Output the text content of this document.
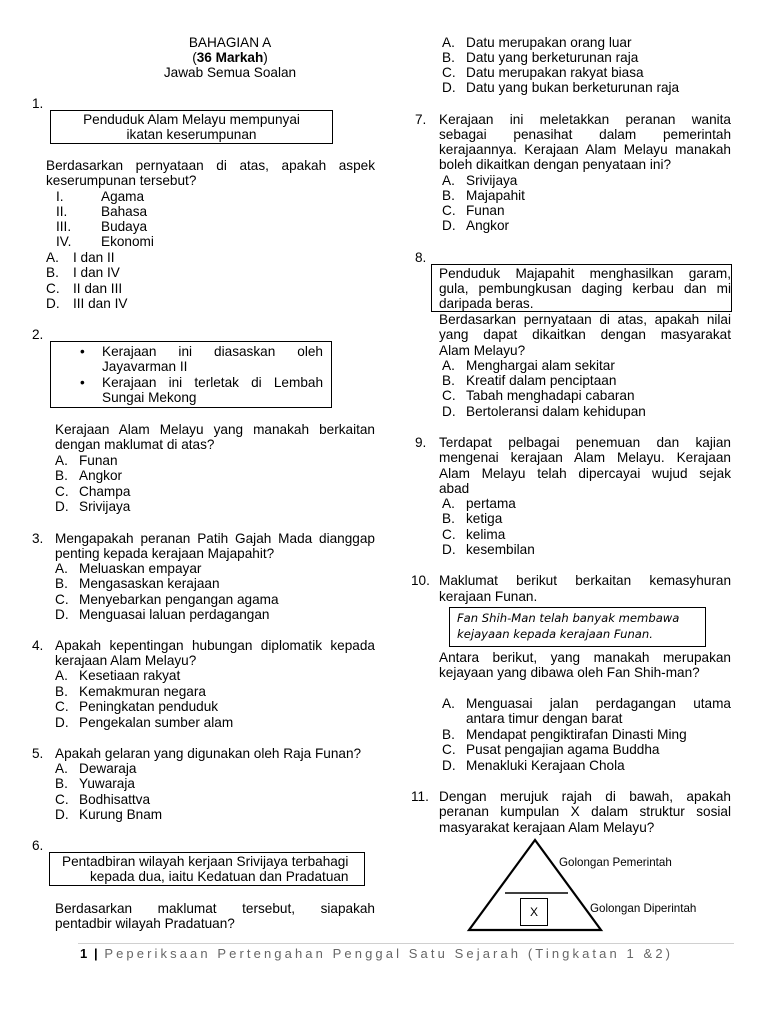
BAHAGIAN A
(36 Markah)
Jawab Semua Soalan
1.
Penduduk Alam Melayu mempunyai
ikatan keserumpunan
Berdasarkan pernyataan di atas, apakah aspek
keserumpunan tersebut?
I.	Agama
II. Bahasa
III. Budaya
IV. Ekonomi
A. I dan II
B. I dan IV
C. II dan III
D. III dan IV
2.
• Kerajaan ini diasaskan oleh
Jayavarman II
• Kerajaan ini terletak di Lembah
Sungai Mekong
Kerajaan Alam Melayu yang manakah berkaitan
dengan maklumat di atas?
A. Funan
B. Angkor
C. Champa
D. Srivijaya
3. Mengapakah peranan Patih Gajah Mada dianggap
penting kepada kerajaan Majapahit?
A. Meluaskan empayar
B. Mengasaskan kerajaan
C. Menyebarkan pengangan agama
D. Menguasai laluan perdagangan
4. Apakah kepentingan hubungan diplomatik kepada
kerajaan Alam Melayu?
A. Kesetiaan rakyat
B. Kemakmuran negara
C. Peningkatan penduduk
D. Pengekalan sumber alam
5. Apakah gelaran yang digunakan oleh Raja Funan?
A. Dewaraja
B. Yuwaraja
C. Bodhisattva
D. Kurung Bnam
6.
Pentadbiran wilayah kerjaan Srivijaya terbahagi
kepada dua, iaitu Kedatuan dan Pradatuan
Berdasarkan maklumat tersebut, siapakah
pentadbir wilayah Pradatuan?
A. Datu merupakan orang luar
B. Datu yang berketurunan raja
C. Datu merupakan rakyat biasa
D. Datu yang bukan berketurunan raja
7. Kerajaan ini meletakkan peranan wanita
sebagai penasihat dalam pemerintah
kerajaannya. Kerajaan Alam Melayu manakah
boleh dikaitkan dengan penyataan ini?
A. Srivijaya
B. Majapahit
C. Funan
D. Angkor
8.
Penduduk Majapahit menghasilkan garam,
gula, pembungkusan daging kerbau dan mi
daripada beras.
Berdasarkan pernyataan di atas, apakah nilai
yang dapat dikaitkan dengan masyarakat
Alam Melayu?
A. Menghargai alam sekitar
B. Kreatif dalam penciptaan
C. Tabah menghadapi cabaran
D. Bertoleransi dalam kehidupan
9. Terdapat pelbagai penemuan dan kajian
mengenai kerajaan Alam Melayu. Kerajaan
Alam Melayu telah dipercayai wujud sejak
abad
A. pertama
B. ketiga
C. kelima
D. kesembilan
10. Maklumat berikut berkaitan kemasyhuran
kerajaan Funan.
Fan Shih-Man telah banyak membawa
kejayaan kepada kerajaan Funan.
Antara berikut, yang manakah merupakan
kejayaan yang dibawa oleh Fan Shih-man?
A. Menguasai jalan perdagangan utama
antara timur dengan barat
B. Mendapat pengiktirafan Dinasti Ming
C. Pusat pengajian agama Buddha
D. Menakluki Kerajaan Chola
11. Dengan merujuk rajah di bawah, apakah
peranan kumpulan X dalam struktur sosial
masyarakat kerajaan Alam Melayu?
X
Golongan Pemerintah
Golongan Diperintah
1 | Peperiksaan Pertengahan Penggal Satu Sejarah (Tingkatan 1 &2)
